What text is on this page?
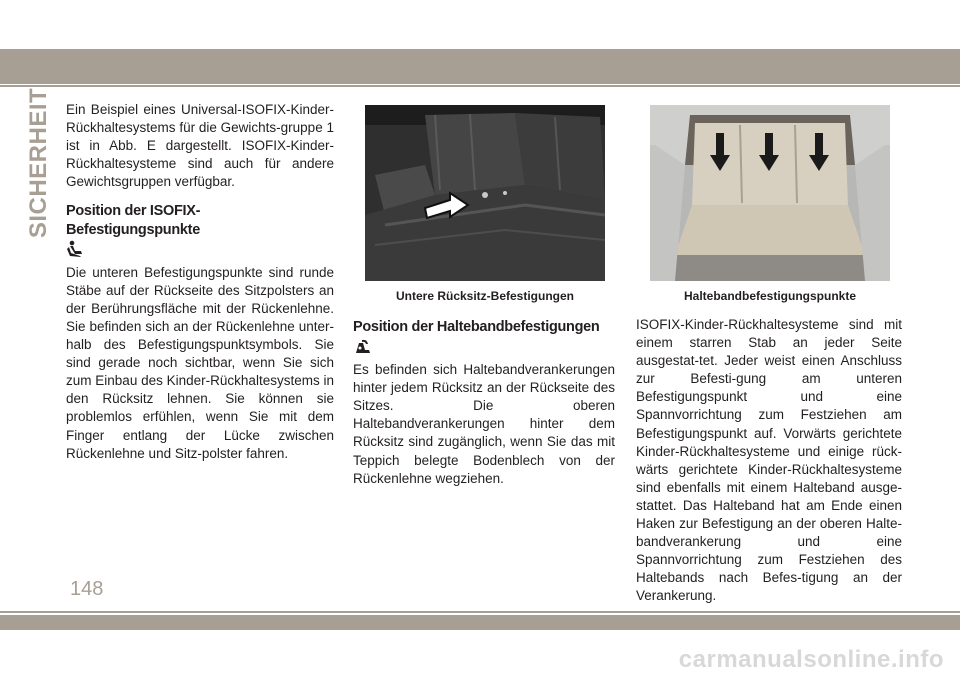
SICHERHEIT Ein Beispiel eines Universal-ISOFIX-Kinder-Rückhaltesystems für die Gewichts-gruppe 1 ist in Abb. E dargestellt. ISOFIX-Kinder-Rückhaltesysteme sind auch für andere Gewichtsgruppen verfügbar.

Position der ISOFIX-Befestigungspunkte

Die unteren Befestigungspunkte sind runde Stäbe auf der Rückseite des Sitzpolsters an der Berührungsfläche mit der Rückenlehne. Sie befinden sich an der Rückenlehne unter-halb des Befestigungspunktsymbols. Sie sind gerade noch sichtbar, wenn Sie sich zum Einbau des Kinder-Rückhaltesystems in den Rücksitz lehnen. Sie können sie problemlos erfühlen, wenn Sie mit dem Finger entlang der Lücke zwischen Rückenlehne und Sitz-polster fahren.

Untere Rücksitz-Befestigungen	Haltebandbefestigungspunkte
Position der Haltebandbefestigungen

Es befinden sich Haltebandverankerungen hinter jedem Rücksitz an der Rückseite des Sitzes. Die oberen Haltebandverankerungen hinter dem Rücksitz sind zugänglich, wenn Sie das mit Teppich belegte Bodenblech von der Rückenlehne wegziehen.

ISOFIX-Kinder-Rückhaltesysteme sind mit einem starren Stab an jeder Seite ausgestat-tet. Jeder weist einen Anschluss zur Befesti-gung am unteren Befestigungspunkt und eine Spannvorrichtung zum Festziehen am Befestigungspunkt auf. Vorwärts gerichtete Kinder-Rückhaltesysteme und einige rück-wärts gerichtete Kinder-Rückhaltesysteme sind ebenfalls mit einem Halteband ausge-stattet. Das Halteband hat am Ende einen Haken zur Befestigung an der oberen Halte-bandverankerung und eine Spannvorrichtung zum Festziehen des Haltebands nach Befes-tigung an der Verankerung.

148
carmanualsonline.info
